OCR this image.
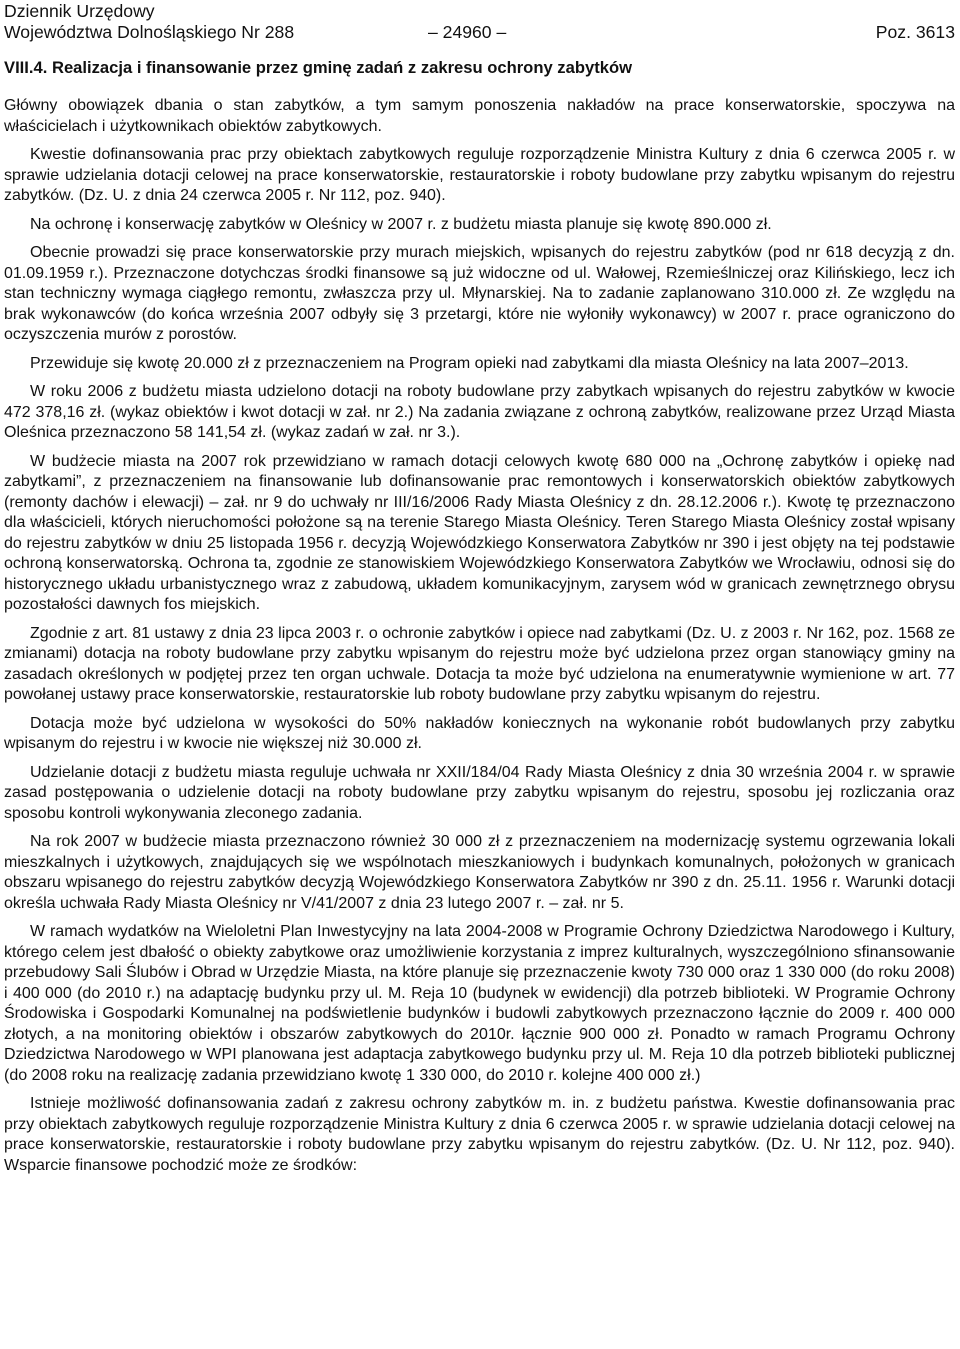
Dziennik Urzędowy
Województwa Dolnośląskiego Nr 288	– 24960 –	Poz. 3613
VIII.4. Realizacja i finansowanie przez gminę zadań z zakresu ochrony zabytków

Główny obowiązek dbania o stan zabytków, a tym samym ponoszenia nakładów na prace konserwatorskie, spoczywa na właścicielach i użytkownikach obiektów zabytkowych.

Kwestie dofinansowania prac przy obiektach zabytkowych reguluje rozporządzenie Ministra Kultury z dnia 6 czerwca 2005 r. w sprawie udzielania dotacji celowej na prace konserwatorskie, restauratorskie i roboty budowlane przy zabytku wpisanym do rejestru zabytków. (Dz. U. z dnia 24 czerwca 2005 r. Nr 112, poz. 940).

Na ochronę i konserwację zabytków w Oleśnicy w 2007 r. z budżetu miasta planuje się kwotę 890.000 zł.

Obecnie prowadzi się prace konserwatorskie przy murach miejskich, wpisanych do rejestru zabytków (pod nr 618 decyzją z dn. 01.09.1959 r.). Przeznaczone dotychczas środki finansowe są już widoczne od ul. Wałowej, Rzemieślniczej oraz Kilińskiego, lecz ich stan techniczny wymaga ciągłego remontu, zwłaszcza przy ul. Młynarskiej. Na to zadanie zaplanowano 310.000 zł. Ze względu na brak wykonawców (do końca września 2007 odbyły się 3 przetargi, które nie wyłoniły wykonawcy) w 2007 r. prace ograniczono do oczyszczenia murów z porostów.

Przewiduje się kwotę 20.000 zł z przeznaczeniem na Program opieki nad zabytkami dla miasta Oleśnicy na lata 2007–2013.

W roku 2006 z budżetu miasta udzielono dotacji na roboty budowlane przy zabytkach wpisanych do rejestru zabytków w kwocie 472 378,16 zł. (wykaz obiektów i kwot dotacji w zał. nr 2.) Na zadania związane z ochroną zabytków, realizowane przez Urząd Miasta Oleśnica przeznaczono 58 141,54 zł. (wykaz zadań w zał. nr 3.).

W budżecie miasta na 2007 rok przewidziano w ramach dotacji celowych kwotę 680 000 na „Ochronę zabytków i opiekę nad zabytkami”, z przeznaczeniem na finansowanie lub dofinansowanie prac remontowych i konserwatorskich obiektów zabytkowych (remonty dachów i elewacji) – zał. nr 9 do uchwały nr III/16/2006 Rady Miasta Oleśnicy z dn. 28.12.2006 r.). Kwotę tę przeznaczono dla właścicieli, których nieruchomości położone są na terenie Starego Miasta Oleśnicy. Teren Starego Miasta Oleśnicy został wpisany do rejestru zabytków w dniu 25 listopada 1956 r. decyzją Wojewódzkiego Konserwatora Zabytków nr 390 i jest objęty na tej podstawie ochroną konserwatorską. Ochrona ta, zgodnie ze stanowiskiem Wojewódzkiego Konserwatora Zabytków we Wrocławiu, odnosi się do historycznego układu urbanistycznego wraz z zabudową, układem komunikacyjnym, zarysem wód w granicach zewnętrznego obrysu pozostałości dawnych fos miejskich.

Zgodnie z art. 81 ustawy z dnia 23 lipca 2003 r. o ochronie zabytków i opiece nad zabytkami (Dz. U. z 2003 r. Nr 162, poz. 1568 ze zmianami) dotacja na roboty budowlane przy zabytku wpisanym do rejestru może być udzielona przez organ stanowiący gminy na zasadach określonych w podjętej przez ten organ uchwale. Dotacja ta może być udzielona na enumeratywnie wymienione w art. 77 powołanej ustawy prace konserwatorskie, restauratorskie lub roboty budowlane przy zabytku wpisanym do rejestru.

Dotacja może być udzielona w wysokości do 50% nakładów koniecznych na wykonanie robót budowlanych przy zabytku wpisanym do rejestru i w kwocie nie większej niż 30.000 zł.

Udzielanie dotacji z budżetu miasta reguluje uchwała nr XXII/184/04 Rady Miasta Oleśnicy z dnia 30 września 2004 r. w sprawie zasad postępowania o udzielenie dotacji na roboty budowlane przy zabytku wpisanym do rejestru, sposobu jej rozliczania oraz sposobu kontroli wykonywania zleconego zadania.

Na rok 2007 w budżecie miasta przeznaczono również 30 000 zł z przeznaczeniem na modernizację systemu ogrzewania lokali mieszkalnych i użytkowych, znajdujących się we wspólnotach mieszkaniowych i budynkach komunalnych, położonych w granicach obszaru wpisanego do rejestru zabytków decyzją Wojewódzkiego Konserwatora Zabytków nr 390 z dn. 25.11. 1956 r. Warunki dotacji określa uchwała Rady Miasta Oleśnicy nr V/41/2007 z dnia 23 lutego 2007 r. – zał. nr 5.

W ramach wydatków na Wieloletni Plan Inwestycyjny na lata 2004-2008 w Programie Ochrony Dziedzictwa Narodowego i Kultury, którego celem jest dbałość o obiekty zabytkowe oraz umożliwienie korzystania z imprez kulturalnych, wyszczególniono sfinansowanie przebudowy Sali Ślubów i Obrad w Urzędzie Miasta, na które planuje się przeznaczenie kwoty 730 000 oraz 1 330 000 (do roku 2008) i 400 000 (do 2010 r.) na adaptację budynku przy ul. M. Reja 10 (budynek w ewidencji) dla potrzeb biblioteki. W Programie Ochrony Środowiska i Gospodarki Komunalnej na podświetlenie budynków i budowli zabytkowych przeznaczono łącznie do 2009 r. 400 000 złotych, a na monitoring obiektów i obszarów zabytkowych do 2010r. łącznie 900 000 zł. Ponadto w ramach Programu Ochrony Dziedzictwa Narodowego w WPI planowana jest adaptacja zabytkowego budynku przy ul. M. Reja 10 dla potrzeb biblioteki publicznej (do 2008 roku na realizację zadania przewidziano kwotę 1 330 000, do 2010 r. kolejne 400 000 zł.)

Istnieje możliwość dofinansowania zadań z zakresu ochrony zabytków m. in. z budżetu państwa. Kwestie dofinansowania prac przy obiektach zabytkowych reguluje rozporządzenie Ministra Kultury z dnia 6 czerwca 2005 r. w sprawie udzielania dotacji celowej na prace konserwatorskie, restauratorskie i roboty budowlane przy zabytku wpisanym do rejestru zabytków. (Dz. U. Nr 112, poz. 940). Wsparcie finansowe pochodzić może ze środków:
